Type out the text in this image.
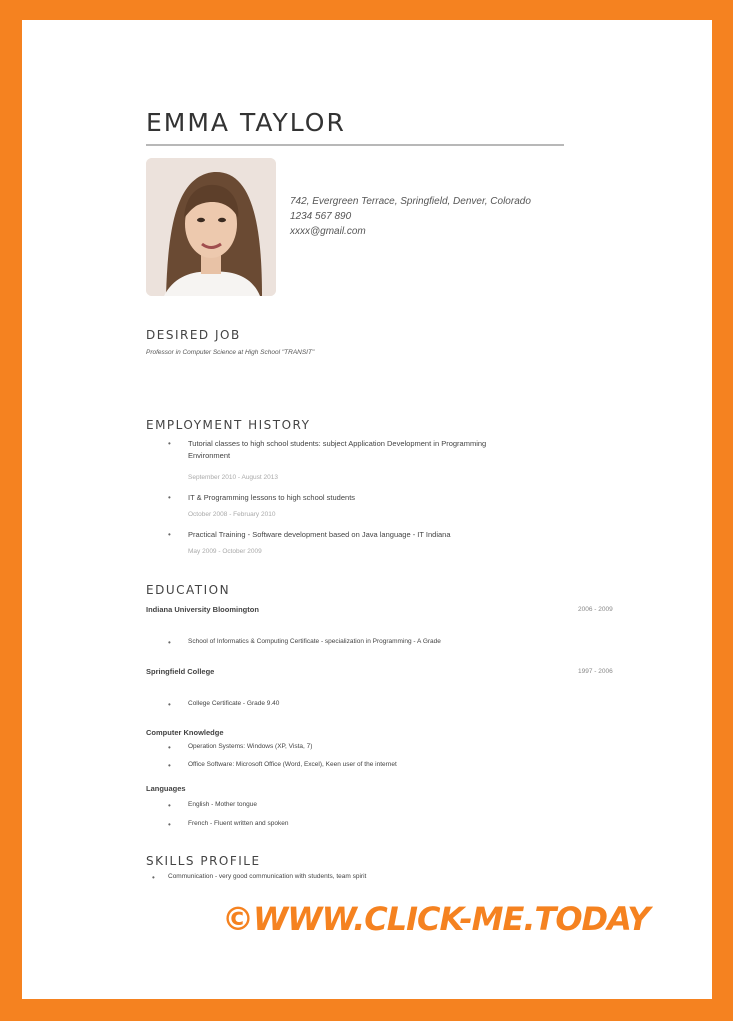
EMMA TAYLOR
742, Evergreen Terrace, Springfield, Denver, Colorado
1234 567 890
xxxx@gmail.com
DESIRED JOB
Professor in Computer Science at High School "TRANSIT"
EMPLOYMENT HISTORY
• Tutorial classes to high school students: subject Application Development in Programming
Environment
September 2010 - August 2013
• IT & Programming lessons to high school students
October 2008 - February 2010
• Practical Training - Software development based on Java language - IT Indiana
May 2009 - October 2009
EDUCATION
Indiana University Bloomington	2006 - 2009
•	School of Informatics & Computing Certificate - specialization in Programming - A Grade
Springfield College	1997 - 2006
•	College Certificate - Grade 9.40
Computer Knowledge
•	Operation Systems: Windows (XP, Vista, 7)
•	Office Software: Microsoft Office (Word, Excel), Keen user of the internet
Languages
•	English - Mother tongue
•	French - Fluent written and spoken
SKILLS PROFILE
• Communication - very good communication with students, team spirit
©WWW.CLICK-ME.TODAY
